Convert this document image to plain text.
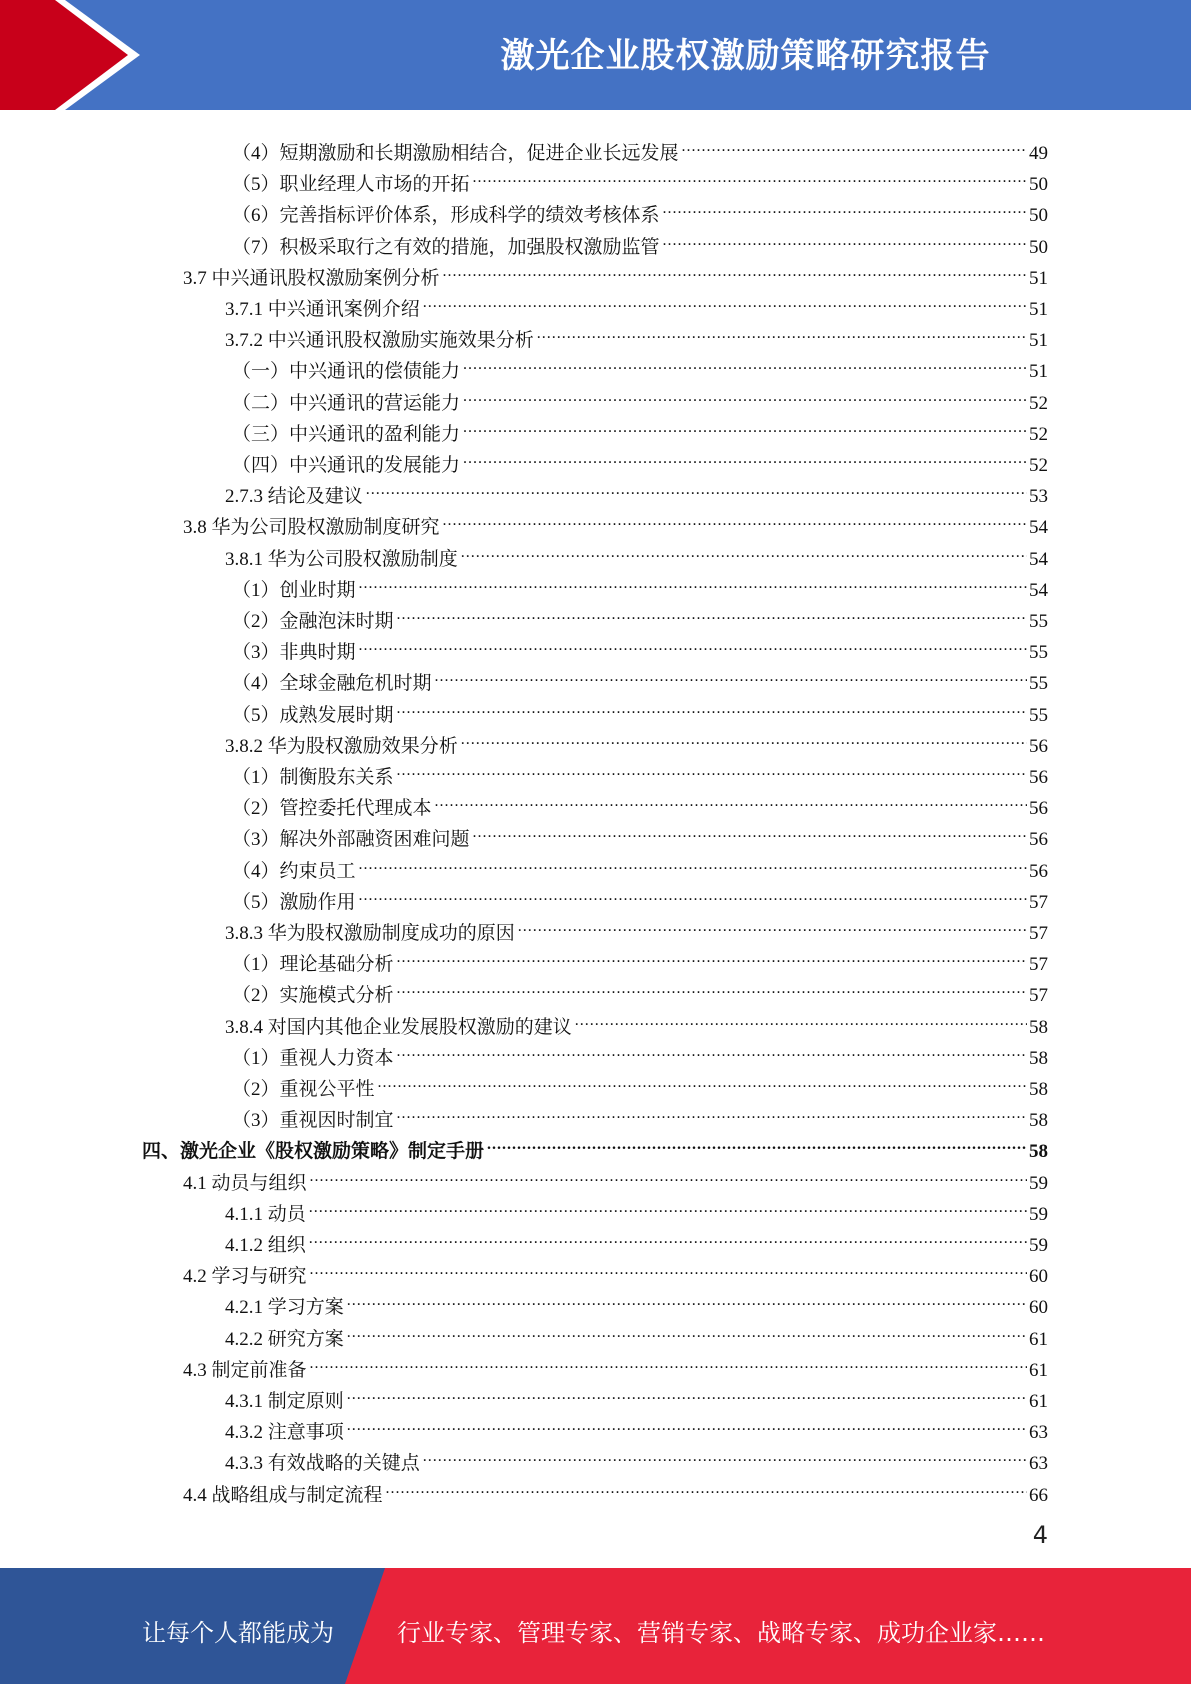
激光企业股权激励策略研究报告
（4）短期激励和长期激励相结合，促进企业长远发展 .....	49
（5）职业经理人市场的开拓 .....	50
（6）完善指标评价体系，形成科学的绩效考核体系 .....	50
（7）积极采取行之有效的措施，加强股权激励监管 .....	50
3.7 中兴通讯股权激励案例分析 .....	51
3.7.1 中兴通讯案例介绍 .....	51
3.7.2 中兴通讯股权激励实施效果分析 .....	51
（一）中兴通讯的偿债能力 .....	51
（二）中兴通讯的营运能力 .....	52
（三）中兴通讯的盈利能力 .....	52
（四）中兴通讯的发展能力 .....	52
2.7.3 结论及建议 .....	53
3.8 华为公司股权激励制度研究 .....	54
3.8.1 华为公司股权激励制度 .....	54
（1）创业时期 .....	54
（2）金融泡沫时期 .....	55
（3）非典时期 .....	55
（4）全球金融危机时期 .....	55
（5）成熟发展时期 .....	55
3.8.2 华为股权激励效果分析 .....	56
（1）制衡股东关系 .....	56
（2）管控委托代理成本 .....	56
（3）解决外部融资困难问题 .....	56
（4）约束员工 .....	56
（5）激励作用 .....	57
3.8.3 华为股权激励制度成功的原因 .....	57
（1）理论基础分析 .....	57
（2）实施模式分析 .....	57
3.8.4 对国内其他企业发展股权激励的建议 .....	58
（1）重视人力资本 .....	58
（2）重视公平性 .....	58
（3）重视因时制宜 .....	58
四、激光企业《股权激励策略》制定手册 .....	58
4.1 动员与组织 .....	59
4.1.1 动员 .....	59
4.1.2 组织 .....	59
4.2 学习与研究 .....	60
4.2.1 学习方案 .....	60
4.2.2 研究方案 .....	61
4.3 制定前准备 .....	61
4.3.1 制定原则 .....	61
4.3.2 注意事项 .....	63
4.3.3 有效战略的关键点 .....	63
4.4 战略组成与制定流程 .....	66
4
让每个人都能成为	行业专家、管理专家、营销专家、战略专家、成功企业家……
